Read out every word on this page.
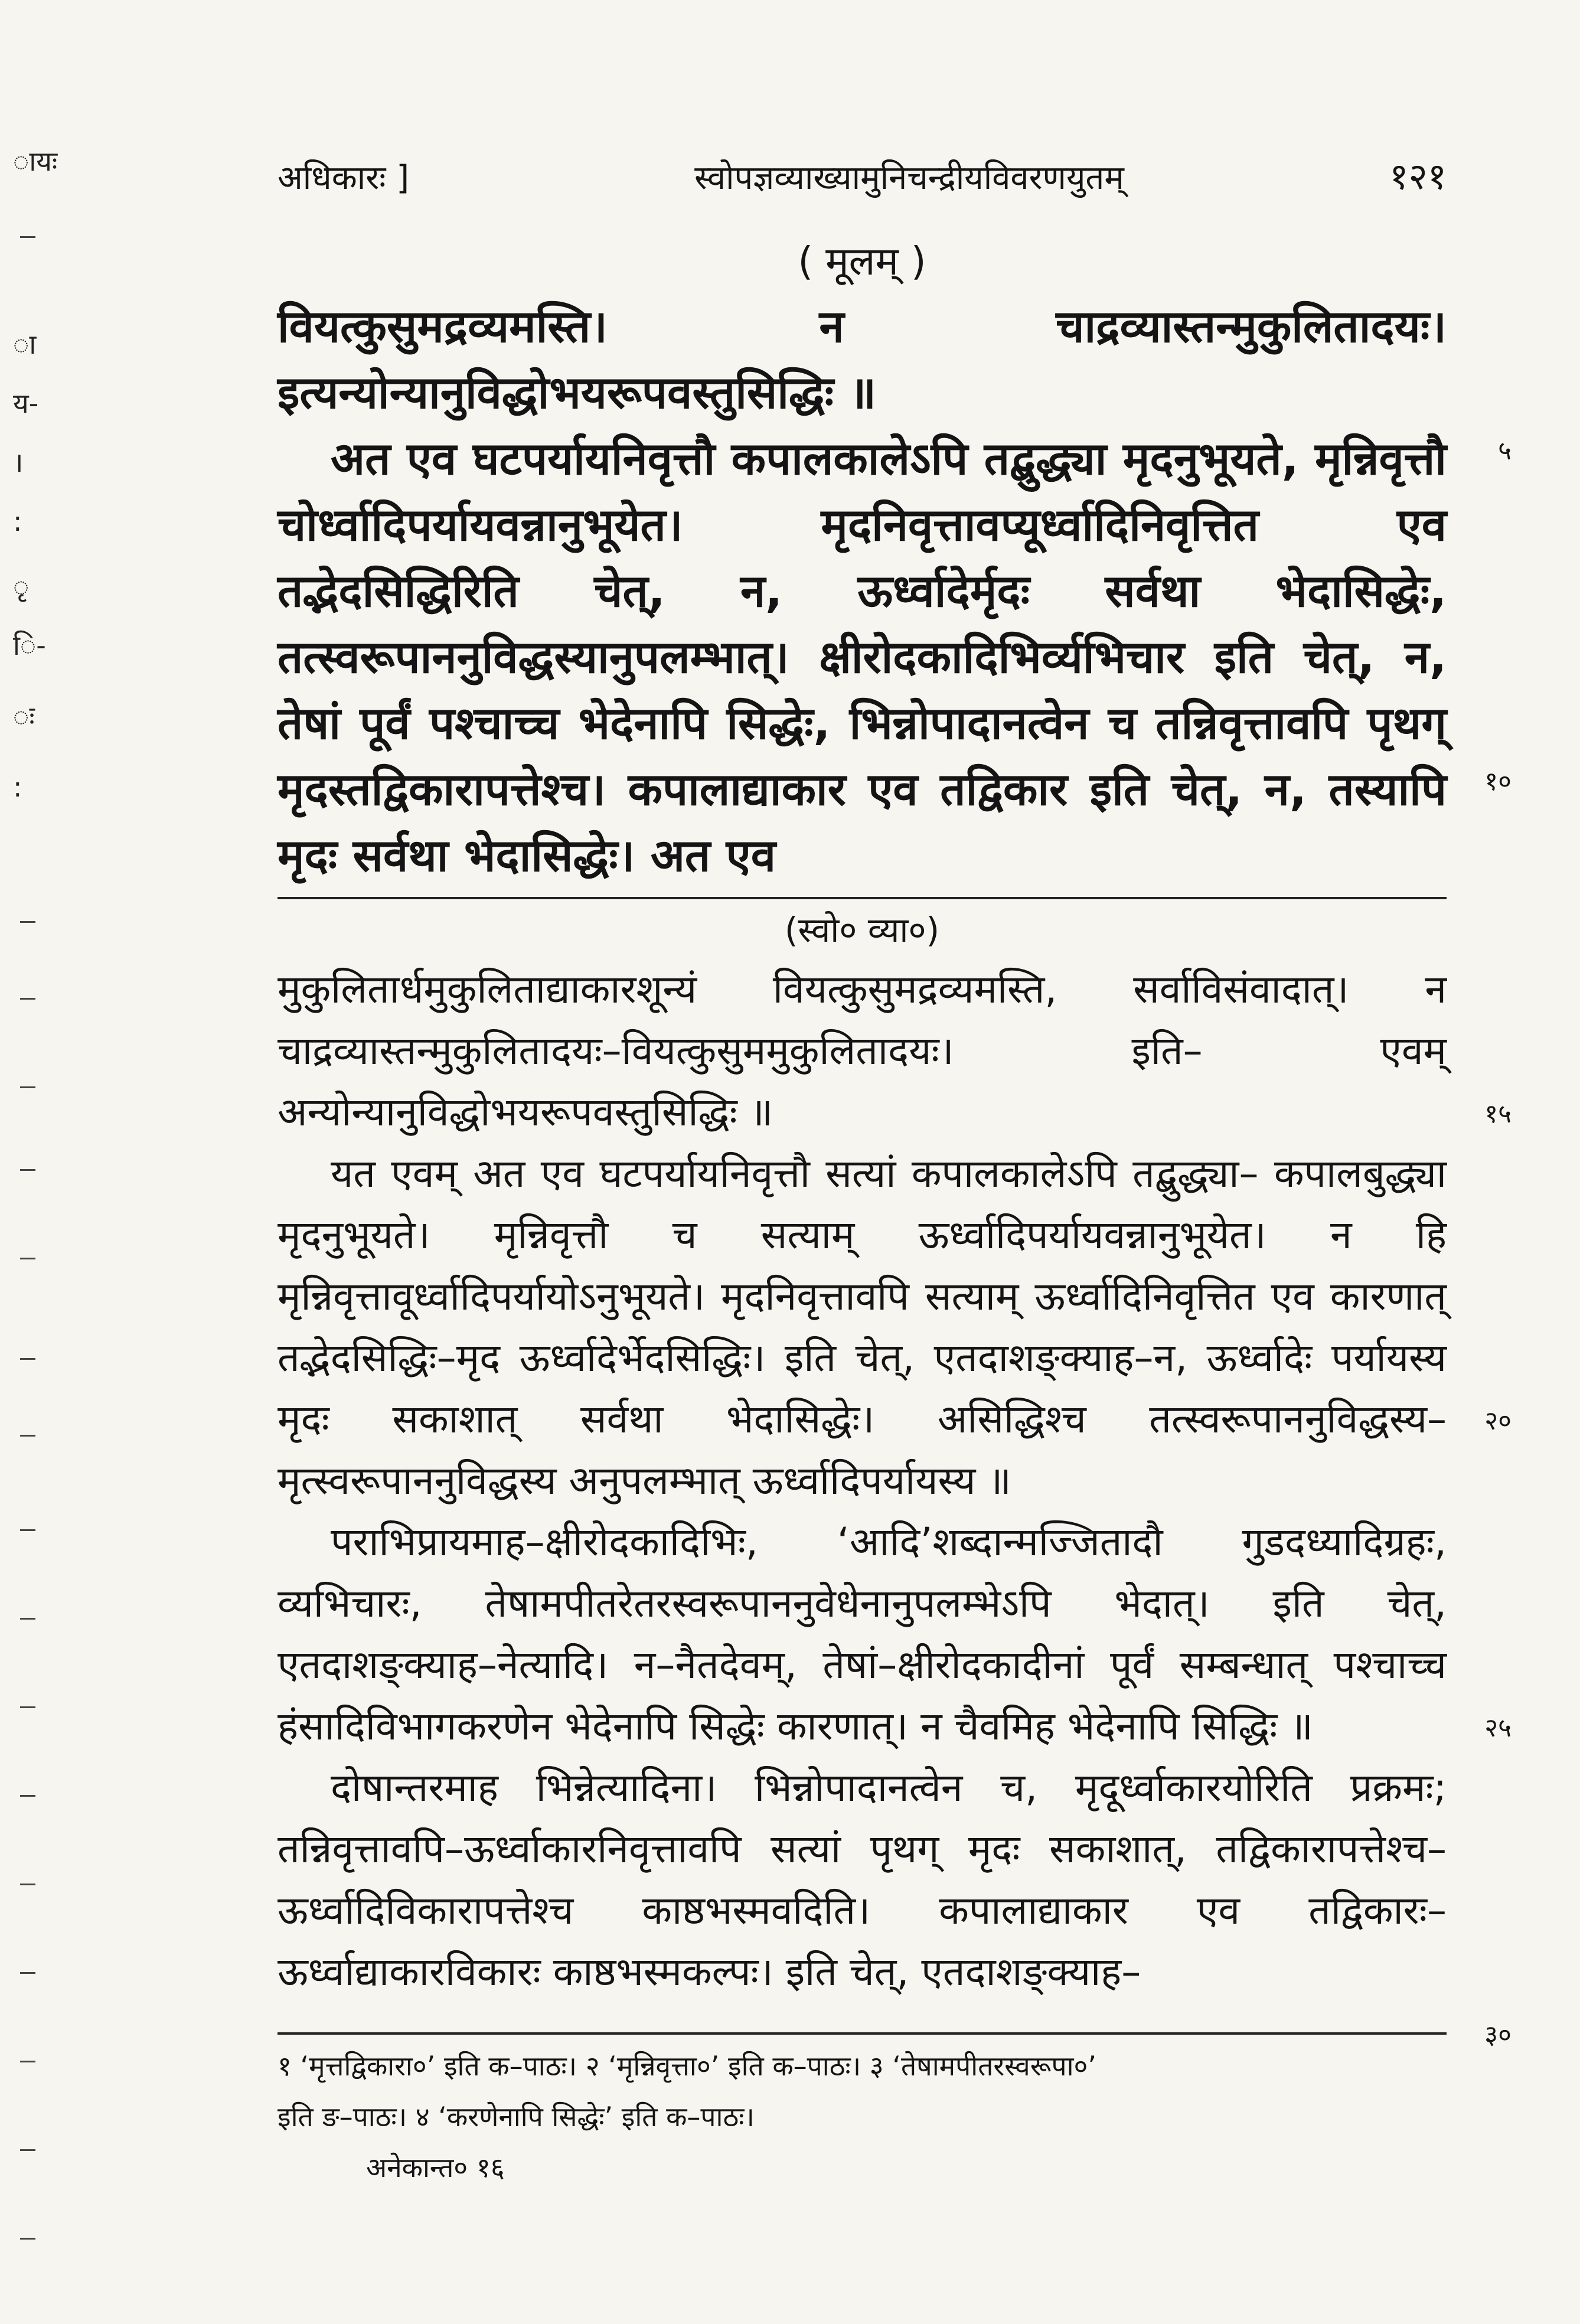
ायः
ा
य-
।
:
ृ
ि-
ः
:
अधिकारः ]	स्वोपज्ञव्याख्यामुनिचन्द्रीयविवरणयुतम्	१२१
( मूलम् )

वियत्कुसुमद्रव्यमस्ति। न चाद्रव्यास्तन्मुकुलितादयः। इत्यन्योन्यानुविद्धोभयरूपवस्तुसिद्धिः ॥

अत एव घटपर्यायनिवृत्तौ कपालकालेऽपि तद्बुद्ध्या मृदनुभूयते, मृन्निवृत्तौ चोर्ध्वादिपर्यायवन्नानुभूयेत। मृदनिवृत्तावप्यूर्ध्वादिनिवृत्तित एव तद्भेदसिद्धिरिति चेत्, न, ऊर्ध्वादेर्मृदः सर्वथा भेदासिद्धेः, तत्स्वरूपाननुविद्धस्यानुपलम्भात्। क्षीरोदकादिभिर्व्यभिचार इति चेत्, न, तेषां पूर्वं पश्चाच्च भेदेनापि सिद्धेः, भिन्नोपादानत्वेन च तन्निवृत्तावपि पृथग् मृदस्तद्विकारापत्तेश्च। कपालाद्याकार एव तद्विकार इति चेत्, न, तस्यापि मृदः सर्वथा भेदासिद्धेः। अत एव

५
१०
(स्वो० व्या०)

मुकुलितार्धमुकुलिताद्याकारशून्यं वियत्कुसुमद्रव्यमस्ति, सर्वाविसंवादात्। न चाद्रव्यास्तन्मुकुलितादयः–वियत्कुसुममुकुलितादयः। इति– एवम् अन्योन्यानुविद्धोभयरूपवस्तुसिद्धिः ॥

यत एवम् अत एव घटपर्यायनिवृत्तौ सत्यां कपालकालेऽपि तद्बुद्ध्या– कपालबुद्ध्या मृदनुभूयते। मृन्निवृत्तौ च सत्याम् ऊर्ध्वादिपर्यायवन्नानुभूयेत। न हि मृन्निवृत्तावूर्ध्वादिपर्यायोऽनुभूयते। मृदनिवृत्तावपि सत्याम् ऊर्ध्वादिनिवृत्तित एव कारणात् तद्भेदसिद्धिः–मृद ऊर्ध्वादेर्भेदसिद्धिः। इति चेत्, एतदाशङ्क्याह–न, ऊर्ध्वादेः पर्यायस्य मृदः सकाशात् सर्वथा भेदासिद्धेः। असिद्धिश्च तत्स्वरूपाननुविद्धस्य–मृत्स्वरूपाननुविद्धस्य अनुपलम्भात् ऊर्ध्वादिपर्यायस्य ॥

पराभिप्रायमाह–क्षीरोदकादिभिः, ‘आदि’शब्दान्मज्जितादौ गुडदध्यादिग्रहः, व्यभिचारः, तेषामपीतरेतरस्वरूपाननुवेधेनानुपलम्भेऽपि भेदात्। इति चेत्, एतदाशङ्क्याह–नेत्यादि। न–नैतदेवम्, तेषां–क्षीरोदकादीनां पूर्वं सम्बन्धात् पश्चाच्च हंसादिविभागकरणेन भेदेनापि सिद्धेः कारणात्। न चैवमिह भेदेनापि सिद्धिः ॥

दोषान्तरमाह भिन्नेत्यादिना। भिन्नोपादानत्वेन च, मृदूर्ध्वाकारयोरिति प्रक्रमः; तन्निवृत्तावपि–ऊर्ध्वाकारनिवृत्तावपि सत्यां पृथग् मृदः सकाशात्, तद्विकारापत्तेश्च–ऊर्ध्वादिविकारापत्तेश्च काष्ठभस्मवदिति। कपालाद्याकार एव तद्विकारः–ऊर्ध्वाद्याकारविकारः काष्ठभस्मकल्पः। इति चेत्, एतदाशङ्क्याह–

१५
२०
२५
३०
१ ‘मृत्तद्विकारा०’ इति क–पाठः। २ ‘मृन्निवृत्ता०’ इति क–पाठः। ३ ‘तेषामपीतरस्वरूपा०’
इति ङ–पाठः। ४ ‘करणेनापि सिद्धेः’ इति क–पाठः।
अनेकान्त० १६
